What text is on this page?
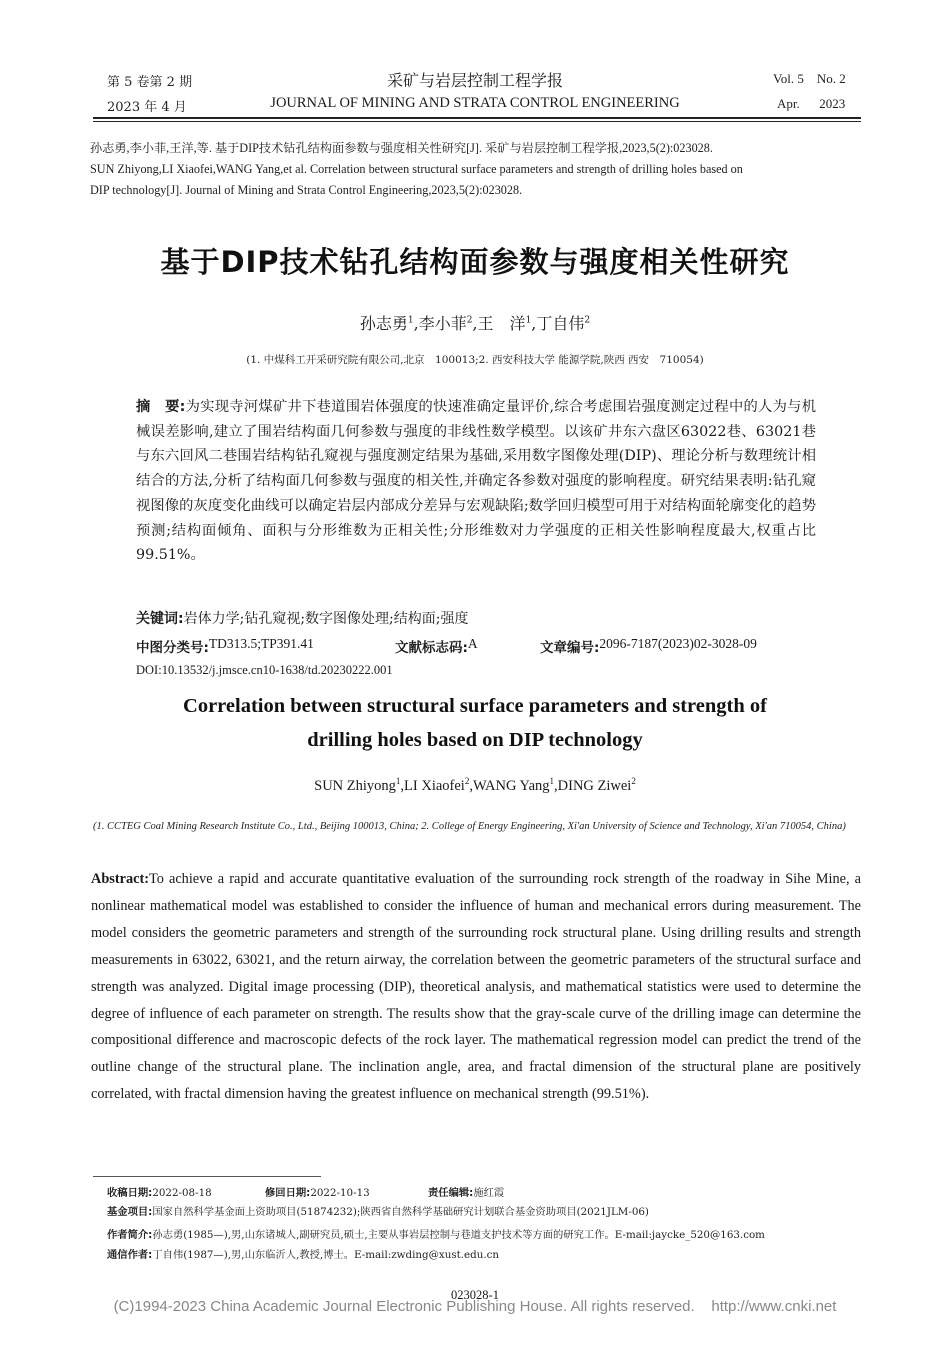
第 5 卷第 2 期
2023 年 4 月
采矿与岩层控制工程学报
JOURNAL OF MINING AND STRATA CONTROL ENGINEERING
Vol. 5    No. 2
Apr.      2023
孙志勇,李小菲,王洋,等. 基于DIP技术钻孔结构面参数与强度相关性研究[J]. 采矿与岩层控制工程学报,2023,5(2):023028.
SUN Zhiyong,LI Xiaofei,WANG Yang,et al. Correlation between structural surface parameters and strength of drilling holes based on
DIP technology[J]. Journal of Mining and Strata Control Engineering,2023,5(2):023028.
基于DIP技术钻孔结构面参数与强度相关性研究
孙志勇$^1$,李小菲$^2$,王　洋$^1$,丁自伟$^2$
(1. 中煤科工开采研究院有限公司,北京　100013;2. 西安科技大学 能源学院,陕西 西安　710054)
摘　要:为实现寺河煤矿井下巷道围岩体强度的快速准确定量评价,综合考虑围岩强度测定过程中的人为与机械误差影响,建立了围岩结构面几何参数与强度的非线性数学模型。以该矿井东六盘区63022巷、63021巷与东六回风二巷围岩结构钻孔窥视与强度测定结果为基础,采用数字图像处理(DIP)、理论分析与数理统计相结合的方法,分析了结构面几何参数与强度的相关性,并确定各参数对强度的影响程度。研究结果表明:钻孔窥视图像的灰度变化曲线可以确定岩层内部成分差异与宏观缺陷;数学回归模型可用于对结构面轮廓变化的趋势预测;结构面倾角、面积与分形维数为正相关性;分形维数对力学强度的正相关性影响程度最大,权重占比99.51%。
关键词:岩体力学;钻孔窥视;数字图像处理;结构面;强度
中图分类号: TD313.5;TP391.41	文献标志码: A	文章编号: 2096-7187(2023)02-3028-09
DOI:10.13532/j.jmsce.cn10-1638/td.20230222.001
Correlation between structural surface parameters and strength of
drilling holes based on DIP technology
SUN Zhiyong$^1$,LI Xiaofei$^2$,WANG Yang$^1$,DING Ziwei$^2$
(1. CCTEG Coal Mining Research Institute Co., Ltd., Beijing 100013, China; 2. College of Energy Engineering, Xi'an University of Science and Technology, Xi'an 710054, China)
Abstract:To achieve a rapid and accurate quantitative evaluation of the surrounding rock strength of the roadway in Sihe Mine, a nonlinear mathematical model was established to consider the influence of human and mechanical errors during measurement. The model considers the geometric parameters and strength of the surrounding rock structural plane. Using drilling results and strength measurements in 63022, 63021, and the return airway, the correlation between the geometric parameters of the structural surface and strength was analyzed. Digital image processing (DIP), theoretical analysis, and mathematical statistics were used to determine the degree of influence of each parameter on strength. The results show that the gray-scale curve of the drilling image can determine the compositional difference and macroscopic defects of the rock layer. The mathematical regression model can predict the trend of the outline change of the structural plane. The inclination angle, area, and fractal dimension of the structural plane are positively correlated, with fractal dimension having the greatest influence on mechanical strength (99.51%).
收稿日期:2022-08-18	修回日期:2022-10-13	责任编辑:施红霞
基金项目:国家自然科学基金面上资助项目(51874232);陕西省自然科学基础研究计划联合基金资助项目(2021JLM-06)
作者简介:孙志勇(1985—),男,山东诸城人,副研究员,硕士,主要从事岩层控制与巷道支护技术等方面的研究工作。E-mail:jaycke_520@163.com
通信作者:丁自伟(1987—),男,山东临沂人,教授,博士。E-mail:zwding@xust.edu.cn
023028-1
(C)1994-2023 China Academic Journal Electronic Publishing House. All rights reserved.    http://www.cnki.net
